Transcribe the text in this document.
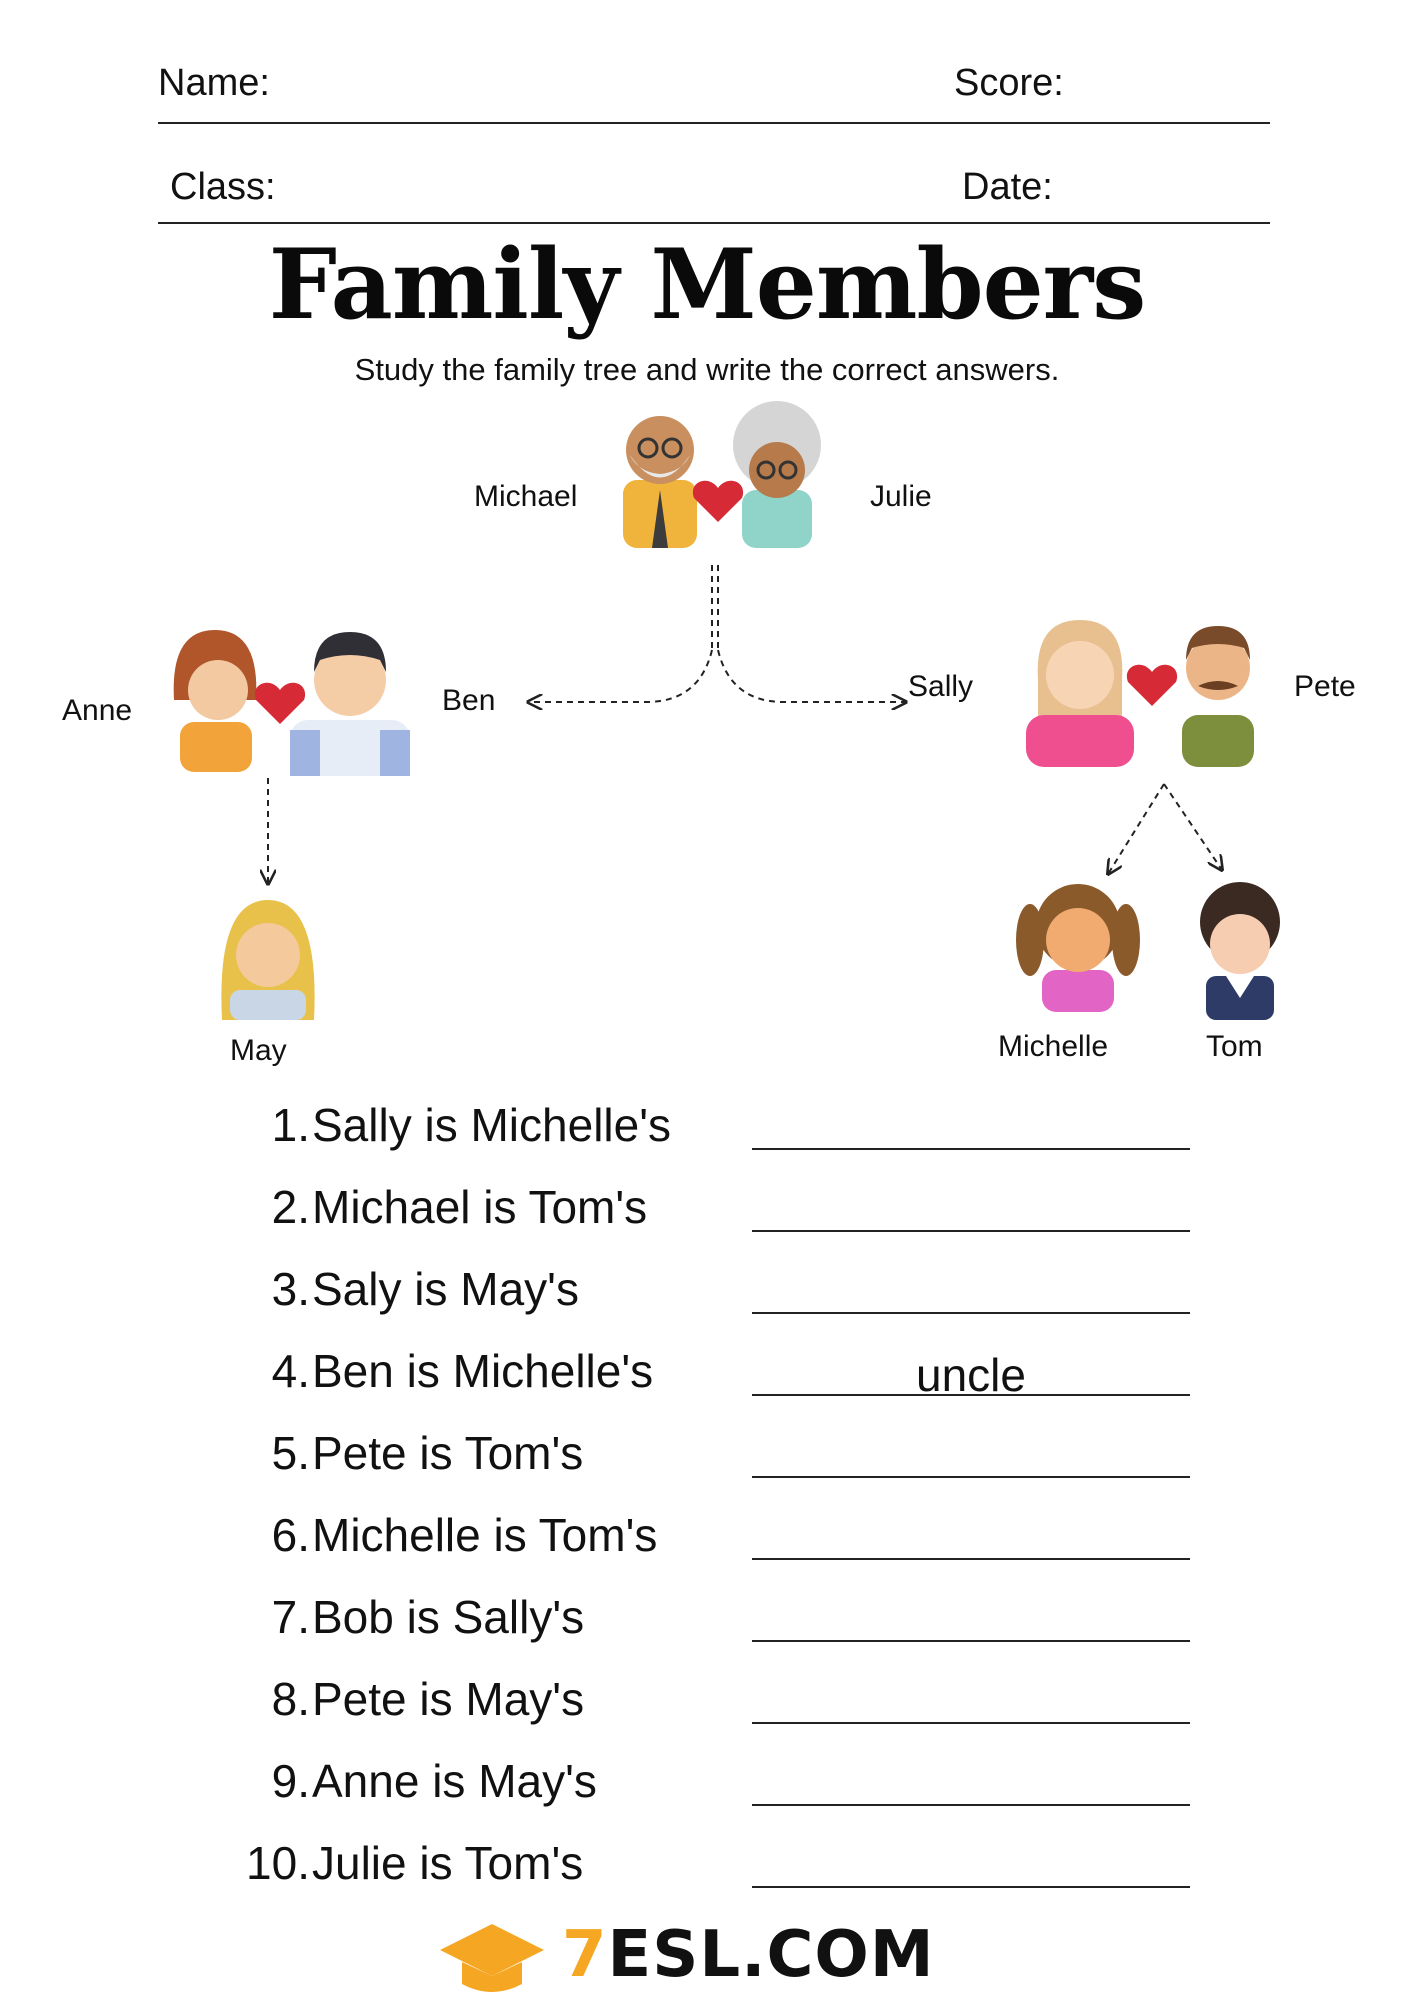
Name:	Score:
Class:	Date:
Family Members
Study the family tree and write the correct answers.
Michael	Julie
Anne	Ben	Sally	Pete
May	Michelle	Tom
1. Sally is Michelle's
2. Michael is Tom's
3. Saly is May's
4. Ben is Michelle's	uncle
5. Pete is Tom's
6. Michelle is Tom's
7. Bob is Sally's
8. Pete is May's
9. Anne is May's
10. Julie is Tom's
7ESL.COM
